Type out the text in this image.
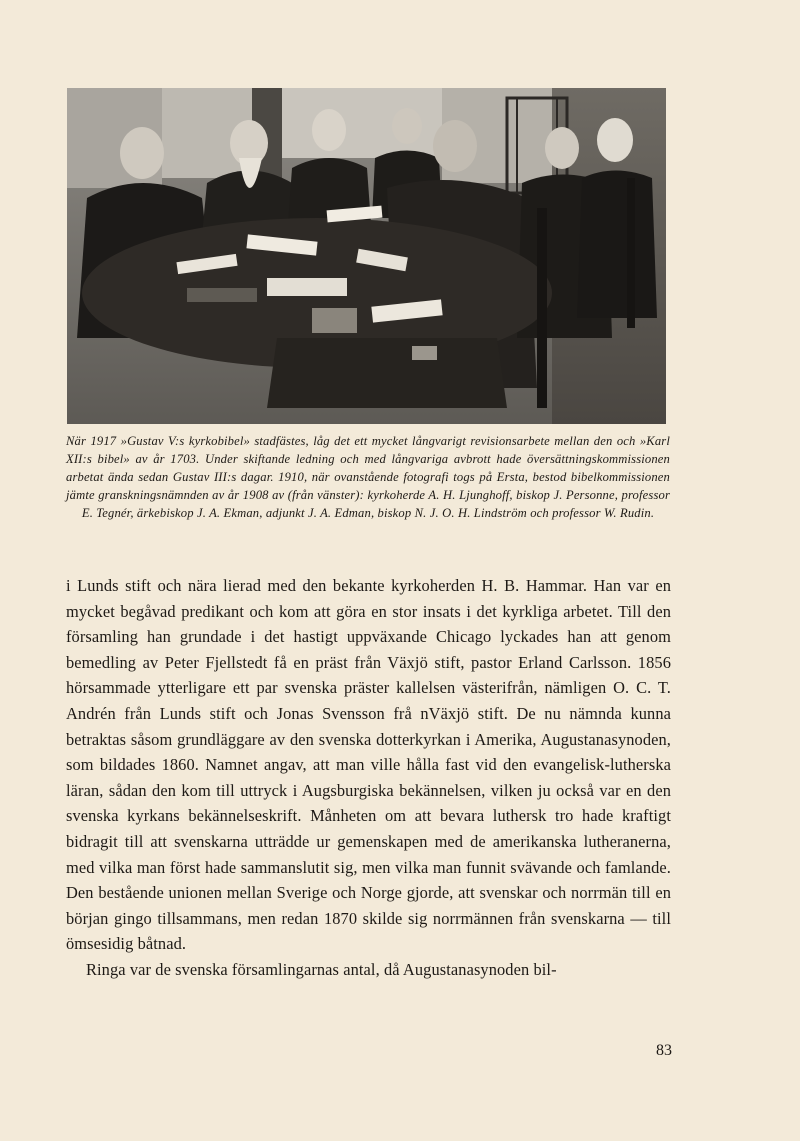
När 1917 »Gustav V:s kyrkobibel» stadfästes, låg det ett mycket långvarigt revisionsarbete mellan den och »Karl XII:s bibel» av år 1703. Under skiftande ledning och med långvariga avbrott hade översättningskommissionen arbetat ända sedan Gustav III:s dagar. 1910, när ovanstående fotografi togs på Ersta, bestod bibelkommissionen jämte granskningsnämnden av år 1908 av (från vänster): kyrkoherde A. H. Ljunghoff, biskop J. Personne, professor E. Tegnér, ärkebiskop J. A. Ekman, adjunkt J. A. Edman, biskop N. J. O. H. Lindström och professor W. Rudin.

i Lunds stift och nära lierad med den bekante kyrkoherden H. B. Hammar. Han var en mycket begåvad predikant och kom att göra en stor insats i det kyrkliga arbetet. Till den församling han grundade i det hastigt uppväxande Chicago lyckades han att genom bemedling av Peter Fjellstedt få en präst från Växjö stift, pastor Erland Carlsson. 1856 hörsammade ytterligare ett par svenska präster kallelsen västerifrån, nämligen O. C. T. Andrén från Lunds stift och Jonas Svensson frå nVäxjö stift. De nu nämnda kunna betraktas såsom grundläggare av den svenska dotterkyrkan i Amerika, Augustanasynoden, som bildades 1860. Namnet angav, att man ville hålla fast vid den evangelisk-lutherska läran, sådan den kom till uttryck i Augsburgiska bekännelsen, vilken ju också var en den svenska kyrkans bekännelseskrift. Månheten om att bevara luthersk tro hade kraftigt bidragit till att svenskarna utträdde ur gemenskapen med de amerikanska lutheranerna, med vilka man först hade sammanslutit sig, men vilka man funnit svävande och famlande. Den bestående unionen mellan Sverige och Norge gjorde, att svenskar och norrmän till en början gingo tillsammans, men redan 1870 skilde sig norrmännen från svenskarna — till ömsesidig båtnad.

Ringa var de svenska församlingarnas antal, då Augustanasynoden bil-

83
